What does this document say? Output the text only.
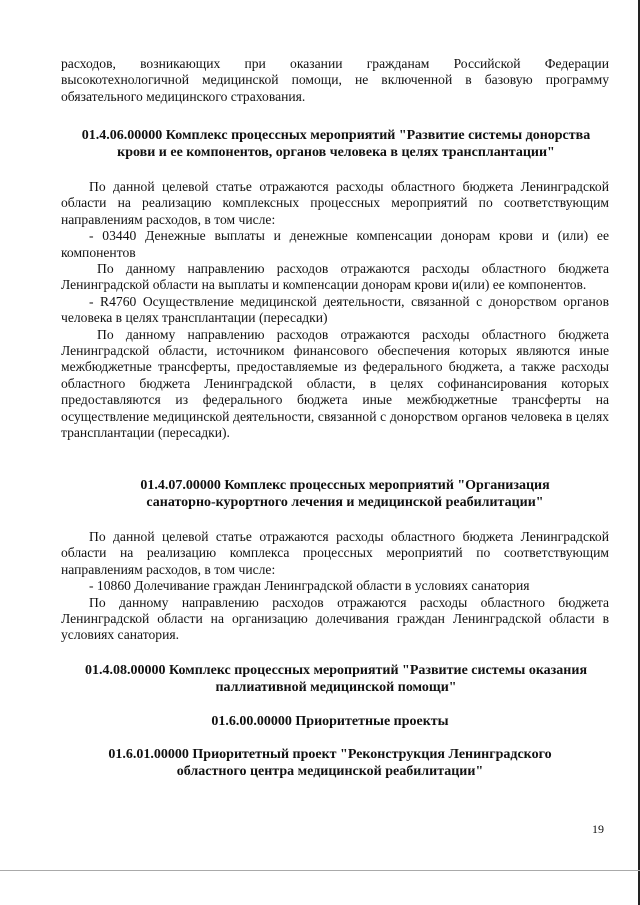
расходов, возникающих при оказании гражданам Российской Федерации высокотехнологичной медицинской помощи, не включенной в базовую программу обязательного медицинского страхования.

01.4.06.00000 Комплекс процессных мероприятий "Развитие системы донорства крови и ее компонентов, органов человека в целях трансплантации"

По данной целевой статье отражаются расходы областного бюджета Ленинградской области на реализацию комплексных процессных мероприятий по соответствующим направлениям расходов, в том числе:

- 03440 Денежные выплаты и денежные компенсации донорам крови и (или) ее компонентов

По данному направлению расходов отражаются расходы областного бюджета Ленинградской области на выплаты и компенсации донорам крови и(или) ее компонентов.

- R4760 Осуществление медицинской деятельности, связанной с донорством органов человека в целях трансплантации (пересадки)

По данному направлению расходов отражаются расходы областного бюджета Ленинградской области, источником финансового обеспечения которых являются иные межбюджетные трансферты, предоставляемые из федерального бюджета, а также расходы областного бюджета Ленинградской области, в целях софинансирования которых предоставляются из федерального бюджета иные межбюджетные трансферты на осуществление медицинской деятельности, связанной с донорством органов человека в целях трансплантации (пересадки).

01.4.07.00000 Комплекс процессных мероприятий "Организация санаторно-курортного лечения и медицинской реабилитации"

По данной целевой статье отражаются расходы областного бюджета Ленинградской области на реализацию комплекса процессных мероприятий по соответствующим направлениям расходов, в том числе:

- 10860 Долечивание граждан Ленинградской области в условиях санатория

По данному направлению расходов отражаются расходы областного бюджета Ленинградской области на организацию долечивания граждан Ленинградской области в условиях санатория.

01.4.08.00000 Комплекс процессных мероприятий "Развитие системы оказания паллиативной медицинской помощи"
01.6.00.00000 Приоритетные проекты
01.6.01.00000 Приоритетный проект "Реконструкция Ленинградского областного центра медицинской реабилитации"
19
